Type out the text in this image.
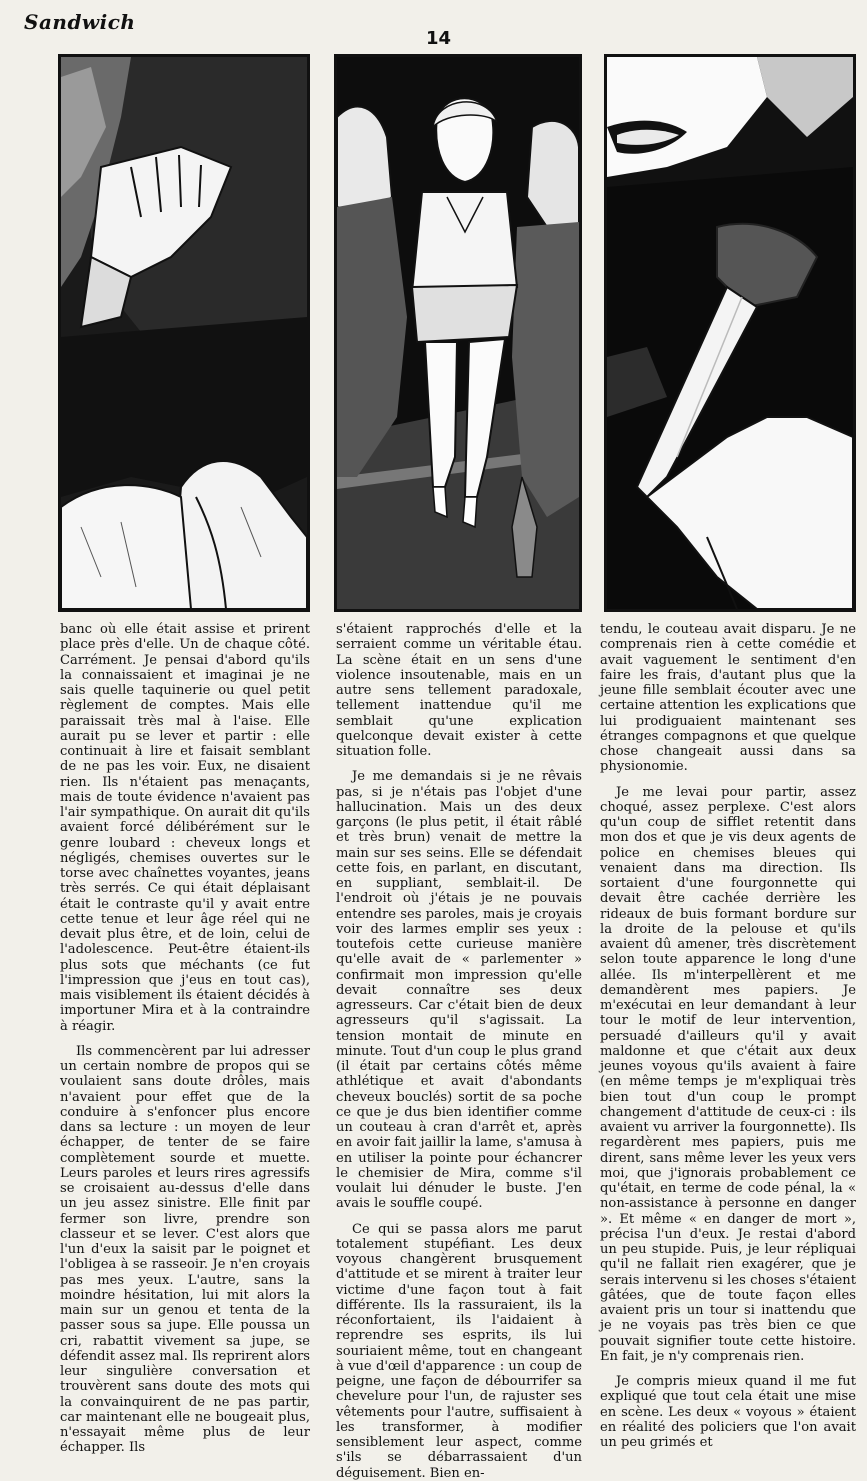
Sandwich
14

banc où elle était assise et prirent place près d'elle. Un de chaque côté. Carrément. Je pensai d'abord qu'ils la connaissaient et imaginai je ne sais quelle taquinerie ou quel petit règlement de comptes. Mais elle paraissait très mal à l'aise. Elle aurait pu se lever et partir : elle continuait à lire et faisait semblant de ne pas les voir. Eux, ne disaient rien. Ils n'étaient pas menaçants, mais de toute évidence n'avaient pas l'air sympathique. On aurait dit qu'ils avaient forcé délibérément sur le genre loubard : cheveux longs et négligés, chemises ouvertes sur le torse avec chaînettes voyantes, jeans très serrés. Ce qui était déplaisant était le contraste qu'il y avait entre cette tenue et leur âge réel qui ne devait plus être, et de loin, celui de l'adolescence. Peut-être étaient-ils plus sots que méchants (ce fut l'impression que j'eus en tout cas), mais visiblement ils étaient décidés à importuner Mira et à la contraindre à réagir.

Ils commencèrent par lui adresser un certain nombre de propos qui se voulaient sans doute drôles, mais n'avaient pour effet que de la conduire à s'enfoncer plus encore dans sa lecture : un moyen de leur échapper, de tenter de se faire complètement sourde et muette. Leurs paroles et leurs rires agressifs se croisaient au-dessus d'elle dans un jeu assez sinistre. Elle finit par fermer son livre, prendre son classeur et se lever. C'est alors que l'un d'eux la saisit par le poignet et l'obligea à se rasseoir. Je n'en croyais pas mes yeux. L'autre, sans la moindre hésitation, lui mit alors la main sur un genou et tenta de la passer sous sa jupe. Elle poussa un cri, rabattit vivement sa jupe, se défendit assez mal. Ils reprirent alors leur singulière conversation et trouvèrent sans doute des mots qui la convainquirent de ne pas partir, car maintenant elle ne bougeait plus, n'essayait même plus de leur échapper. Ils

s'étaient rapprochés d'elle et la serraient comme un véritable étau. La scène était en un sens d'une violence insoutenable, mais en un autre sens tellement paradoxale, tellement inattendue qu'il me semblait qu'une explication quelconque devait exister à cette situation folle.

Je me demandais si je ne rêvais pas, si je n'étais pas l'objet d'une hallucination. Mais un des deux garçons (le plus petit, il était râblé et très brun) venait de mettre la main sur ses seins. Elle se défendait cette fois, en parlant, en discutant, en suppliant, semblait-il. De l'endroit où j'étais je ne pouvais entendre ses paroles, mais je croyais voir des larmes emplir ses yeux : toutefois cette curieuse manière qu'elle avait de « parlementer » confirmait mon impression qu'elle devait connaître ses deux agresseurs. Car c'était bien de deux agresseurs qu'il s'agissait. La tension montait de minute en minute. Tout d'un coup le plus grand (il était par certains côtés même athlétique et avait d'abondants cheveux bouclés) sortit de sa poche ce que je dus bien identifier comme un couteau à cran d'arrêt et, après en avoir fait jaillir la lame, s'amusa à en utiliser la pointe pour échancrer le chemisier de Mira, comme s'il voulait lui dénuder le buste. J'en avais le souffle coupé.

Ce qui se passa alors me parut totalement stupéfiant. Les deux voyous changèrent brusquement d'attitude et se mirent à traiter leur victime d'une façon tout à fait différente. Ils la rassuraient, ils la réconfortaient, ils l'aidaient à reprendre ses esprits, ils lui souriaient même, tout en changeant à vue d'œil d'apparence : un coup de peigne, une façon de débourrifer sa chevelure pour l'un, de rajuster ses vêtements pour l'autre, suffisaient à les transformer, à modifier sensiblement leur aspect, comme s'ils se débarrassaient d'un déguisement. Bien en-

tendu, le couteau avait disparu. Je ne comprenais rien à cette comédie et avait vaguement le sentiment d'en faire les frais, d'autant plus que la jeune fille semblait écouter avec une certaine attention les explications que lui prodiguaient maintenant ses étranges compagnons et que quelque chose changeait aussi dans sa physionomie.

Je me levai pour partir, assez choqué, assez perplexe. C'est alors qu'un coup de sifflet retentit dans mon dos et que je vis deux agents de police en chemises bleues qui venaient dans ma direction. Ils sortaient d'une fourgonnette qui devait être cachée derrière les rideaux de buis formant bordure sur la droite de la pelouse et qu'ils avaient dû amener, très discrètement selon toute apparence le long d'une allée. Ils m'interpellèrent et me demandèrent mes papiers. Je m'exécutai en leur demandant à leur tour le motif de leur intervention, persuadé d'ailleurs qu'il y avait maldonne et que c'était aux deux jeunes voyous qu'ils avaient à faire (en même temps je m'expliquai très bien tout d'un coup le prompt changement d'attitude de ceux-ci : ils avaient vu arriver la fourgonnette). Ils regardèrent mes papiers, puis me dirent, sans même lever les yeux vers moi, que j'ignorais probablement ce qu'était, en terme de code pénal, la « non-assistance à personne en danger ». Et même « en danger de mort », précisa l'un d'eux. Je restai d'abord un peu stupide. Puis, je leur répliquai qu'il ne fallait rien exagérer, que je serais intervenu si les choses s'étaient gâtées, que de toute façon elles avaient pris un tour si inattendu que je ne voyais pas très bien ce que pouvait signifier toute cette histoire. En fait, je n'y comprenais rien.

Je compris mieux quand il me fut expliqué que tout cela était une mise en scène. Les deux « voyous » étaient en réalité des policiers que l'on avait un peu grimés et
